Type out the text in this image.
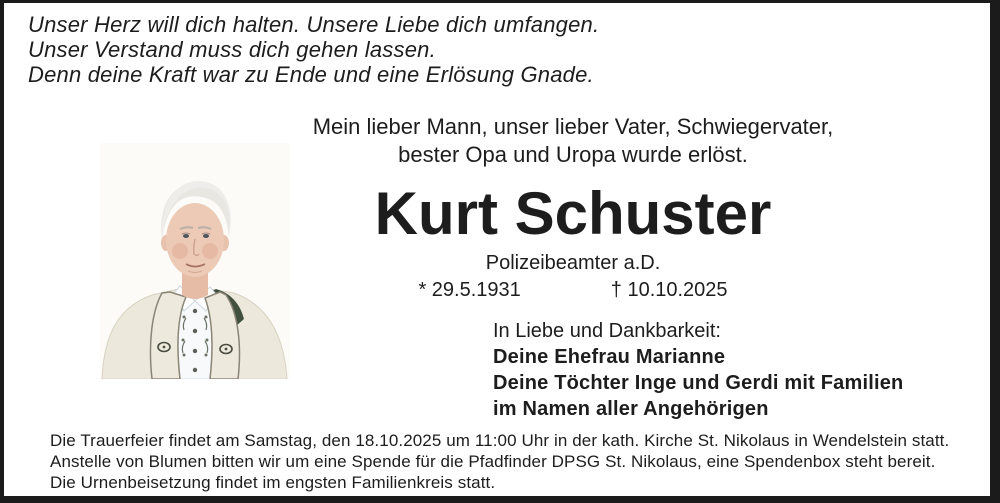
Unser Herz will dich halten. Unsere Liebe dich umfangen.
Unser Verstand muss dich gehen lassen.
Denn deine Kraft war zu Ende und eine Erlösung Gnade.
Mein lieber Mann, unser lieber Vater, Schwiegervater,
bester Opa und Uropa wurde erlöst.
Kurt Schuster
Polizeibeamter a.D.
* 29.5.1931	† 10.10.2025
In Liebe und Dankbarkeit:
Deine Ehefrau Marianne
Deine Töchter Inge und Gerdi mit Familien
im Namen aller Angehörigen
Die Trauerfeier findet am Samstag, den 18.10.2025 um 11:00 Uhr in der kath. Kirche St. Nikolaus in Wendelstein statt.
Anstelle von Blumen bitten wir um eine Spende für die Pfadfinder DPSG St. Nikolaus, eine Spendenbox steht bereit.
Die Urnenbeisetzung findet im engsten Familienkreis statt.
